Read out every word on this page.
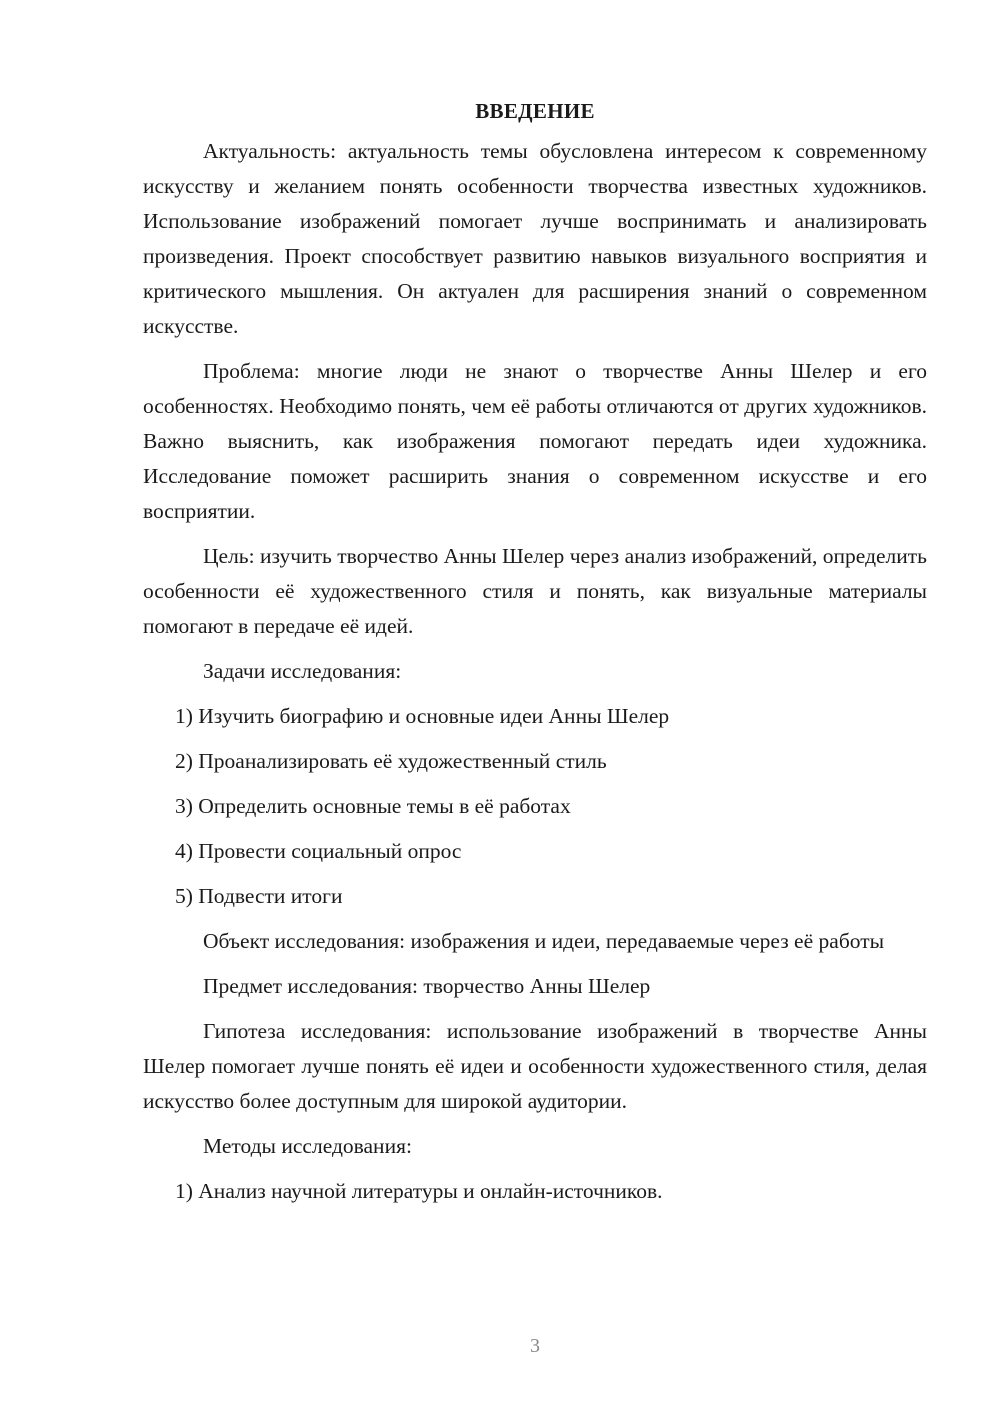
ВВЕДЕНИЕ
Актуальность: актуальность темы обусловлена интересом к современному искусству и желанием понять особенности творчества известных художников. Использование изображений помогает лучше воспринимать и анализировать произведения. Проект способствует развитию навыков визуального восприятия и критического мышления. Он актуален для расширения знаний о современном искусстве.
Проблема: многие люди не знают о творчестве Анны Шелер и его особенностях. Необходимо понять, чем её работы отличаются от других художников. Важно выяснить, как изображения помогают передать идеи художника. Исследование поможет расширить знания о современном искусстве и его восприятии.
Цель: изучить творчество Анны Шелер через анализ изображений, определить особенности её художественного стиля и понять, как визуальные материалы помогают в передаче её идей.
Задачи исследования:
1) Изучить биографию и основные идеи Анны Шелер
2) Проанализировать её художественный стиль
3) Определить основные темы в её работах
4) Провести социальный опрос
5) Подвести итоги
Объект исследования: изображения и идеи, передаваемые через её работы
Предмет исследования: творчество Анны Шелер
Гипотеза исследования: использование изображений в творчестве Анны Шелер помогает лучше понять её идеи и особенности художественного стиля, делая искусство более доступным для широкой аудитории.
Методы исследования:
1) Анализ научной литературы и онлайн-источников.
3
